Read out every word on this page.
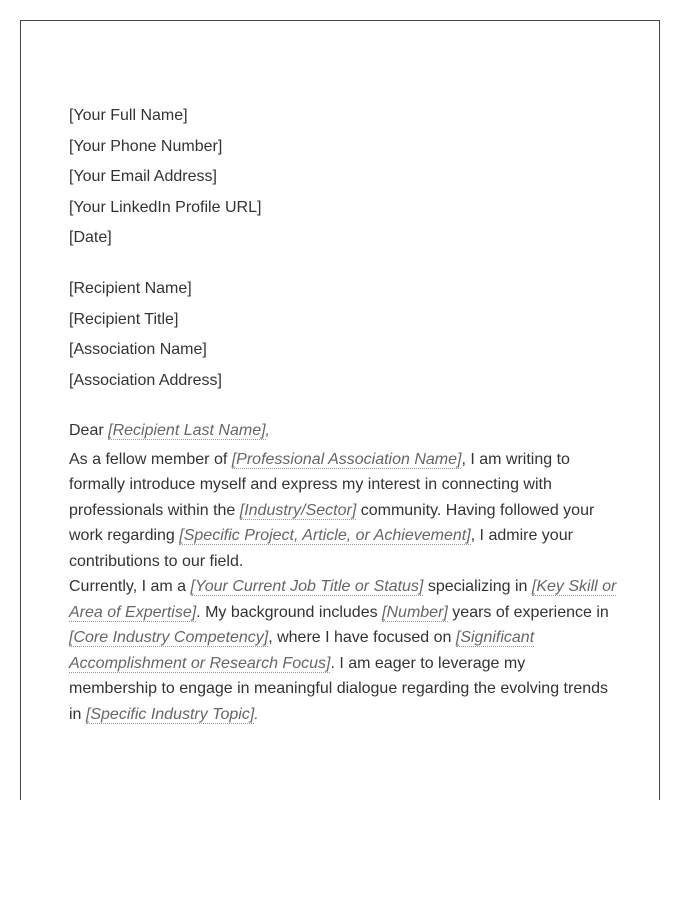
[Your Full Name]
[Your Phone Number]
[Your Email Address]
[Your LinkedIn Profile URL]
[Date]
[Recipient Name]
[Recipient Title]
[Association Name]
[Association Address]
Dear [Recipient Last Name],

As a fellow member of [Professional Association Name], I am writing to formally introduce myself and express my interest in connecting with professionals within the [Industry/Sector] community. Having followed your work regarding [Specific Project, Article, or Achievement], I admire your contributions to our field.

Currently, I am a [Your Current Job Title or Status] specializing in [Key Skill or Area of Expertise]. My background includes [Number] years of experience in [Core Industry Competency], where I have focused on [Significant Accomplishment or Research Focus]. I am eager to leverage my membership to engage in meaningful dialogue regarding the evolving trends in [Specific Industry Topic].
